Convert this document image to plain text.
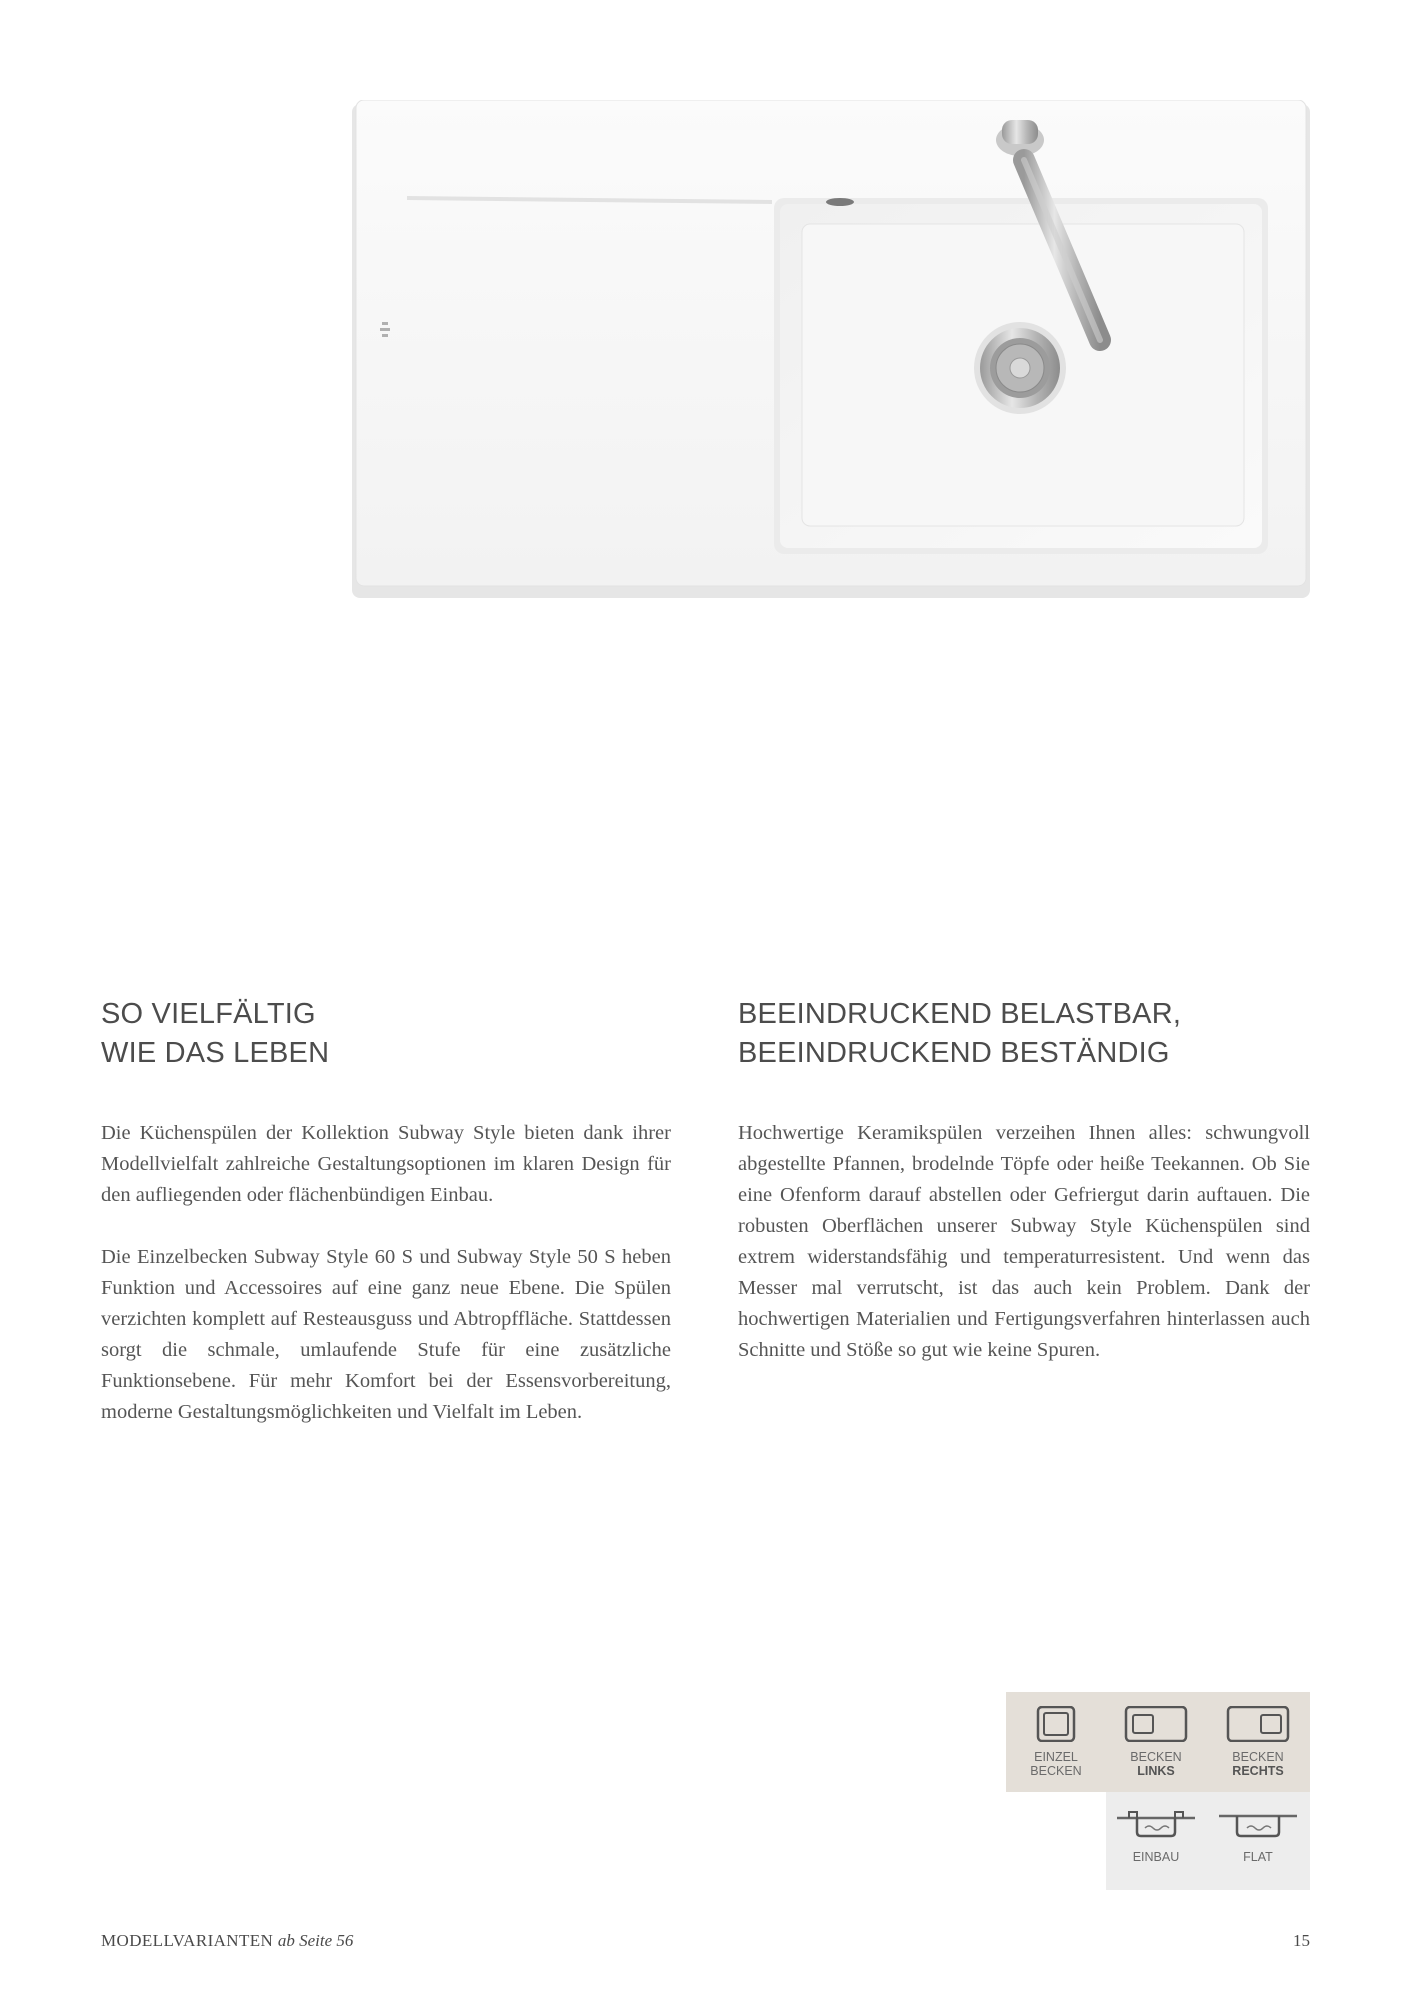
SO VIELFÄLTIG
WIE DAS LEBEN

Die Küchenspülen der Kollektion Subway Style bieten dank ihrer Modellvielfalt zahlreiche Gestaltungsoptionen im klaren Design für den aufliegenden oder flächenbündigen Einbau.

Die Einzelbecken Subway Style 60 S und Subway Style 50 S heben Funktion und Accessoires auf eine ganz neue Ebene. Die Spülen verzichten komplett auf Resteausguss und Abtropffläche. Stattdessen sorgt die schmale, umlaufende Stufe für eine zusätzliche Funktionsebene. Für mehr Komfort bei der Essensvorbereitung, moderne Gestaltungsmöglichkeiten und Vielfalt im Leben.

BEEINDRUCKEND BELASTBAR,
BEEINDRUCKEND BESTÄNDIG

Hochwertige Keramikspülen verzeihen Ihnen alles: schwungvoll abgestellte Pfannen, brodelnde Töpfe oder heiße Teekannen. Ob Sie eine Ofenform darauf abstellen oder Gefriergut darin auftauen. Die robusten Oberflächen unserer Subway Style Küchenspülen sind extrem widerstandsfähig und temperaturresistent. Und wenn das Messer mal verrutscht, ist das auch kein Problem. Dank der hochwertigen Materialien und Fertigungsverfahren hinterlassen auch Schnitte und Stöße so gut wie keine Spuren.

EINZEL
BECKEN
BECKEN
LINKS
BECKEN
RECHTS
EINBAU	FLAT
MODELLVARIANTEN ab Seite 56	15
